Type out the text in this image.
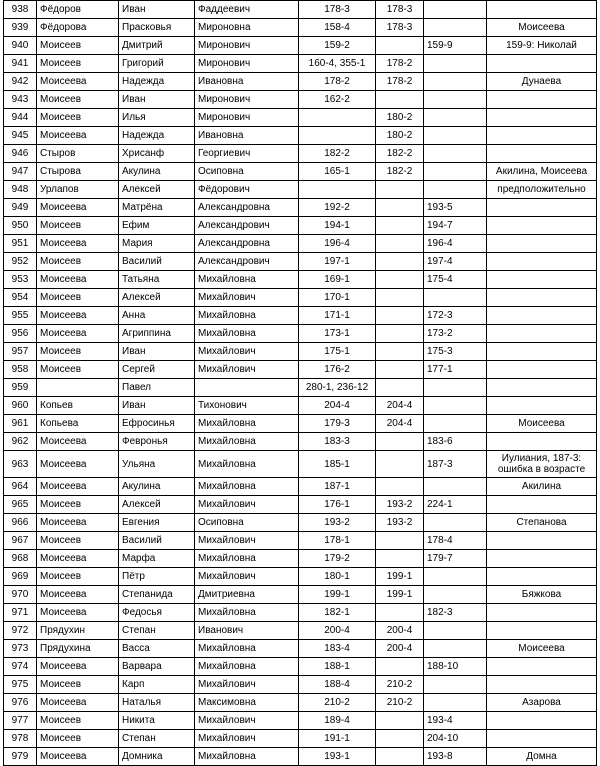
938	Фёдоров	Иван	Фаддеевич	178-3	178-3		
939	Фёдорова	Прасковья	Мироновна	158-4	178-3		Моисеева
940	Моисеев	Дмитрий	Миронович	159-2		159-9	159-9: Николай
941	Моисеев	Григорий	Миронович	160-4, 355-1	178-2		
942	Моисеева	Надежда	Ивановна	178-2	178-2		Дунаева
943	Моисеев	Иван	Миронович	162-2			
944	Моисеев	Илья	Миронович		180-2		
945	Моисеева	Надежда	Ивановна		180-2		
946	Стыров	Хрисанф	Георгиевич	182-2	182-2		
947	Стырова	Акулина	Осиповна	165-1	182-2		Акилина, Моисеева
948	Урлапов	Алексей	Фёдорович				предположительно
949	Моисеева	Матрёна	Александровна	192-2		193-5	
950	Моисеев	Ефим	Александрович	194-1		194-7	
951	Моисеева	Мария	Александровна	196-4		196-4	
952	Моисеев	Василий	Александрович	197-1		197-4	
953	Моисеева	Татьяна	Михайловна	169-1		175-4	
954	Моисеев	Алексей	Михайлович	170-1			
955	Моисеева	Анна	Михайловна	171-1		172-3	
956	Моисеева	Агриппина	Михайловна	173-1		173-2	
957	Моисеев	Иван	Михайлович	175-1		175-3	
958	Моисеев	Сергей	Михайлович	176-2		177-1	
959		Павел		280-1, 236-12			
960	Копьев	Иван	Тихонович	204-4	204-4		
961	Копьева	Ефросинья	Михайловна	179-3	204-4		Моисеева
962	Моисеева	Февронья	Михайловна	183-3		183-6	
963	Моисеева	Ульяна	Михайловна	185-1		187-3	Иулиания, 187-3: ошибка в возрасте
964	Моисеева	Акулина	Михайловна	187-1			Акилина
965	Моисеев	Алексей	Михайлович	176-1	193-2	224-1	
966	Моисеева	Евгения	Осиповна	193-2	193-2		Степанова
967	Моисеев	Василий	Михайлович	178-1		178-4	
968	Моисеева	Марфа	Михайловна	179-2		179-7	
969	Моисеев	Пётр	Михайлович	180-1	199-1		
970	Моисеева	Степанида	Дмитриевна	199-1	199-1		Бяжкова
971	Моисеева	Федосья	Михайловна	182-1		182-3	
972	Прядухин	Степан	Иванович	200-4	200-4		
973	Прядухина	Васса	Михайловна	183-4	200-4		Моисеева
974	Моисеева	Варвара	Михайловна	188-1		188-10	
975	Моисеев	Карп	Михайлович	188-4	210-2		
976	Моисеева	Наталья	Максимовна	210-2	210-2		Азарова
977	Моисеев	Никита	Михайлович	189-4		193-4	
978	Моисеев	Степан	Михайлович	191-1		204-10	
979	Моисеева	Домника	Михайловна	193-1		193-8	Домна
